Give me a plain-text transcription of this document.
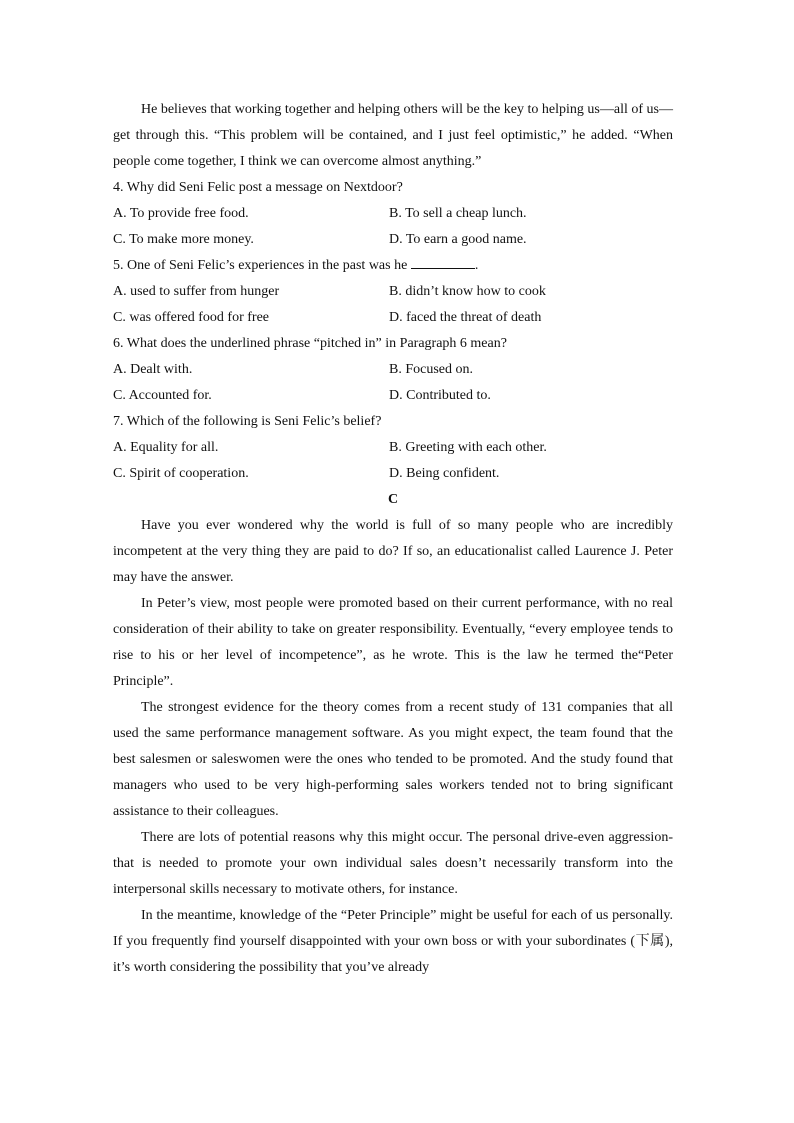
He believes that working together and helping others will be the key to helping us—all of us—get through this. “This problem will be contained, and I just feel optimistic,” he added. “When people come together, I think we can overcome almost anything.”

4. Why did Seni Felic post a message on Nextdoor?
A. To provide free food.	B. To sell a cheap lunch.
C. To make more money.	D. To earn a good name.
5. One of Seni Felic’s experiences in the past was he	.
A. used to suffer from hunger	B. didn’t know how to cook
C. was offered food for free	D. faced the threat of death
6. What does the underlined phrase “pitched in” in Paragraph 6 mean?
A. Dealt with.	B. Focused on.
C. Accounted for.	D. Contributed to.
7. Which of the following is Seni Felic’s belief?
A. Equality for all.	B. Greeting with each other.
C. Spirit of cooperation.	D. Being confident.
C

Have you ever wondered why the world is full of so many people who are incredibly incompetent at the very thing they are paid to do? If so, an educationalist called Laurence J. Peter may have the answer.

In Peter’s view, most people were promoted based on their current performance, with no real consideration of their ability to take on greater responsibility. Eventually, “every employee tends to rise to his or her level of incompetence”, as he wrote. This is the law he termed the“Peter Principle”.

The strongest evidence for the theory comes from a recent study of 131 companies that all used the same performance management software. As you might expect, the team found that the best salesmen or saleswomen were the ones who tended to be promoted. And the study found that managers who used to be very high-performing sales workers tended not to bring significant assistance to their colleagues.

There are lots of potential reasons why this might occur. The personal drive-even aggression-that is needed to promote your own individual sales doesn’t necessarily transform into the interpersonal skills necessary to motivate others, for instance.

In the meantime, knowledge of the “Peter Principle” might be useful for each of us personally. If you frequently find yourself disappointed with your own boss or with your subordinates (下属), it’s worth considering the possibility that you’ve already
